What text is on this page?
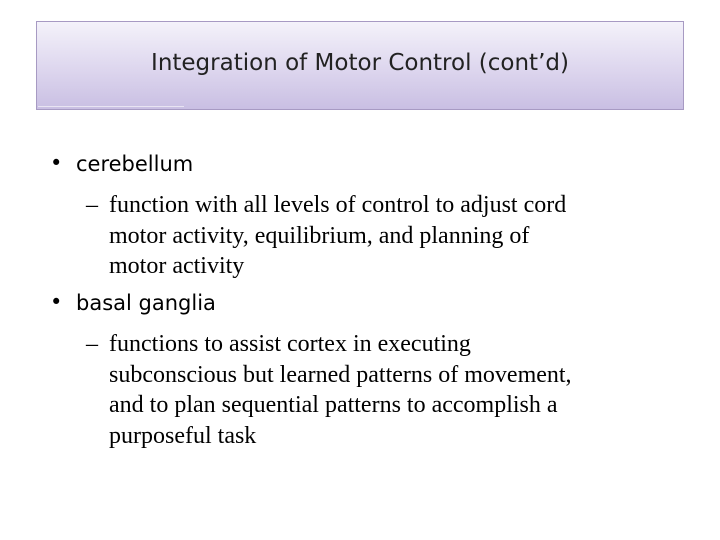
Integration of Motor Control (cont’d)
• cerebellum
– function with all levels of control to adjust cord
motor activity, equilibrium, and planning of
motor activity
• basal ganglia
– functions to assist cortex in executing
subconscious but learned patterns of movement,
and to plan sequential patterns to accomplish a
purposeful task
